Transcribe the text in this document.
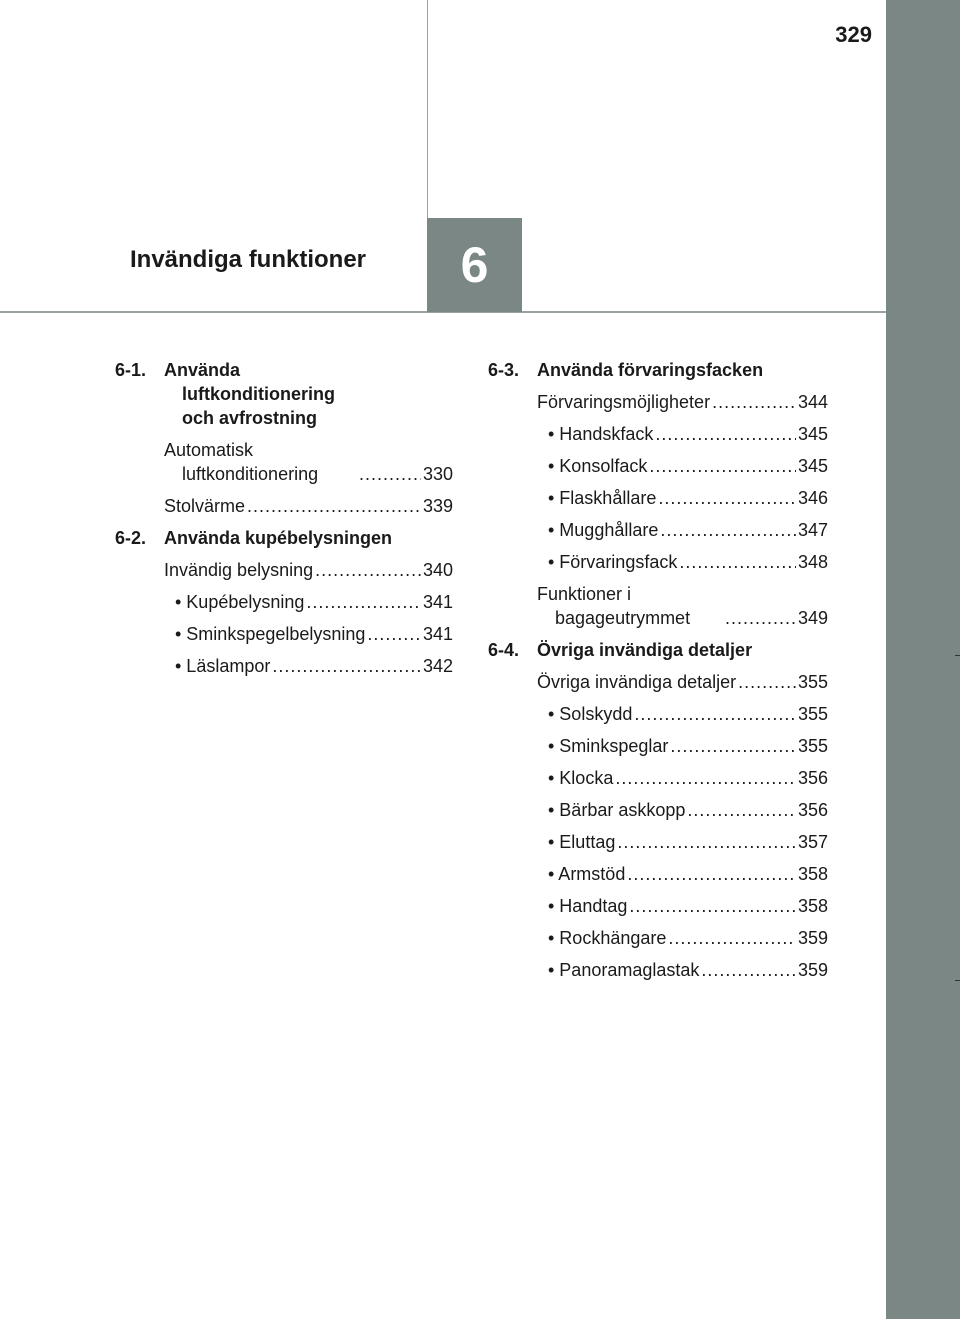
329
Invändiga funktioner 6
6-1. Använda luftkonditionering och avfrostning
Automatisk luftkonditionering .....	330
Stolvärme .....	339
6-2. Använda kupébelysningen
Invändig belysning .....	340
• Kupébelysning .....	341
• Sminkspegelbelysning .....	341
• Läslampor .....	342
6-3. Använda förvaringsfacken
Förvaringsmöjligheter .....	344
• Handskfack .....	345
• Konsolfack .....	345
• Flaskhållare .....	346
• Mugghållare .....	347
• Förvaringsfack .....	348
Funktioner i bagageutrymmet .....	349
6-4. Övriga invändiga detaljer
Övriga invändiga detaljer .....	355
• Solskydd .....	355
• Sminkspeglar .....	355
• Klocka .....	356
• Bärbar askkopp .....	356
• Eluttag .....	357
• Armstöd .....	358
• Handtag .....	358
• Rockhängare .....	359
• Panoramaglastak .....	359
